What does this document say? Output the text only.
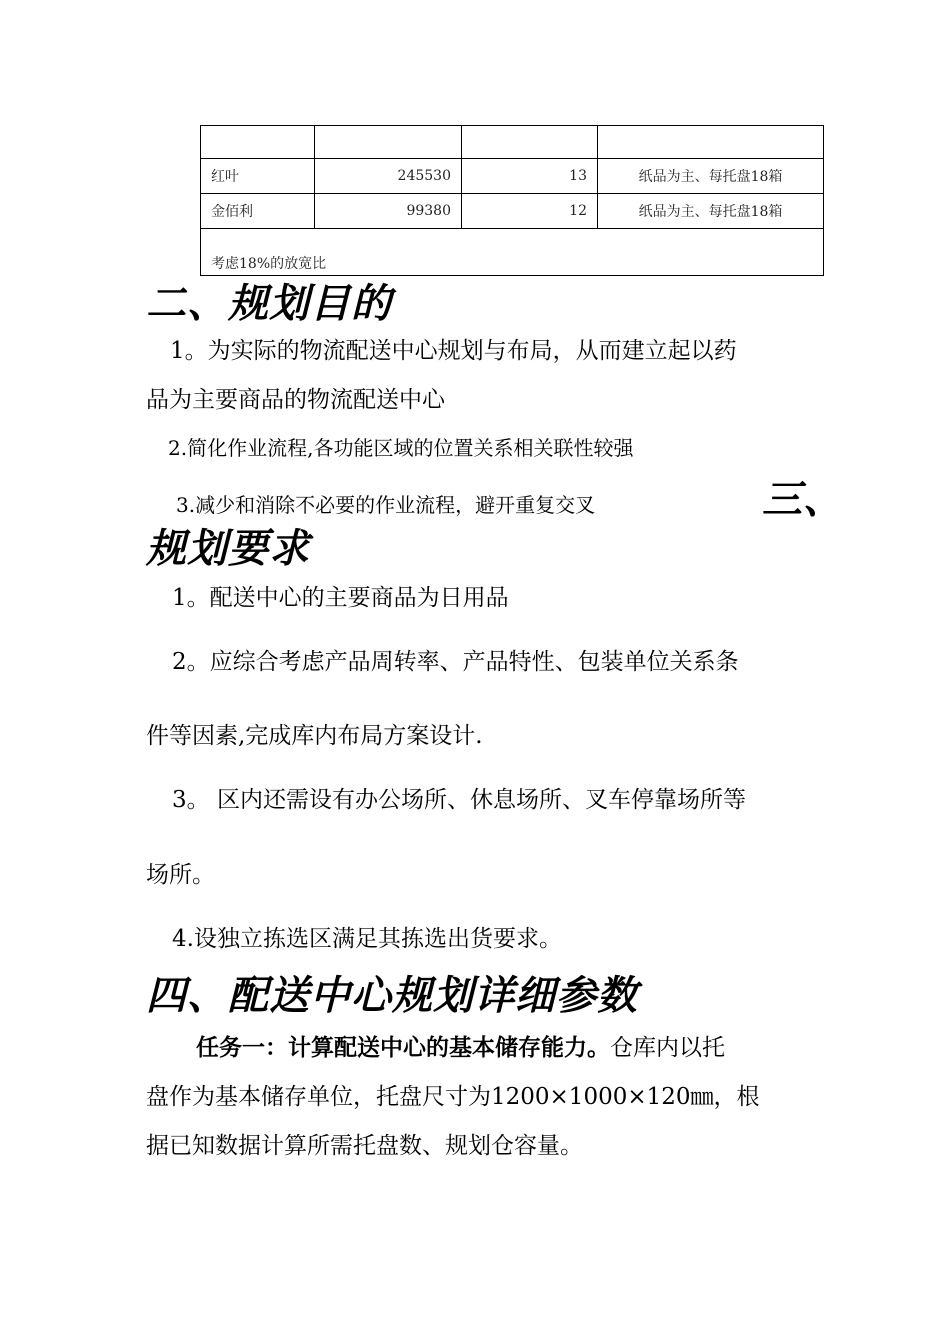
红叶	245530	13	纸品为主、每托盘18箱
金佰利	99380	12	纸品为主、每托盘18箱
考虑18%的放宽比			
二、规划目的
1。为实际的物流配送中心规划与布局，从而建立起以药
品为主要商品的物流配送中心
2.简化作业流程,各功能区域的位置关系相关联性较强
3.减少和消除不必要的作业流程，避开重复交叉	三、
规划要求
1。配送中心的主要商品为日用品
2。应综合考虑产品周转率、产品特性、包装单位关系条
件等因素,完成库内布局方案设计.
3。 区内还需设有办公场所、休息场所、叉车停靠场所等
场所。
4.设独立拣选区满足其拣选出货要求。
四、配送中心规划详细参数
任务一：计算配送中心的基本储存能力。仓库内以托
盘作为基本储存单位，托盘尺寸为1200×1000×120㎜，根
据已知数据计算所需托盘数、规划仓容量。
